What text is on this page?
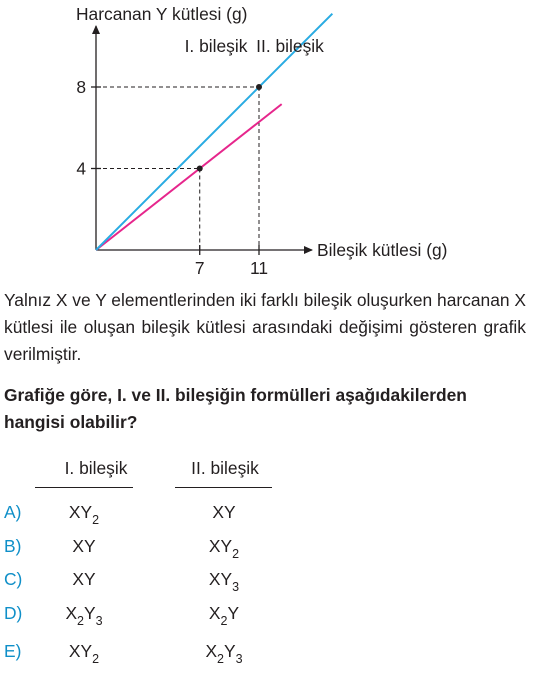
Harcanan Y kütlesi (g)
Bileşik kütlesi (g)
I. bileşik II. bileşik
7	11
4
8

Yalnız X ve Y elementlerinden iki farklı bileşik oluşurken harcanan X kütlesi ile oluşan bileşik kütlesi arasındaki değişimi gösteren grafik verilmiştir.

Grafiğe göre, I. ve II. bileşiğin formülleri aşağıdakilerden hangisi olabilir?

I. bileşik	II. bileşik
A)	$XY_2$	XY
B)	XY	$XY_2$
C)	XY	$XY_3$
D)	$X_2Y_3$	$X_2Y$
E)	$XY_2$	$X_2Y_3$
